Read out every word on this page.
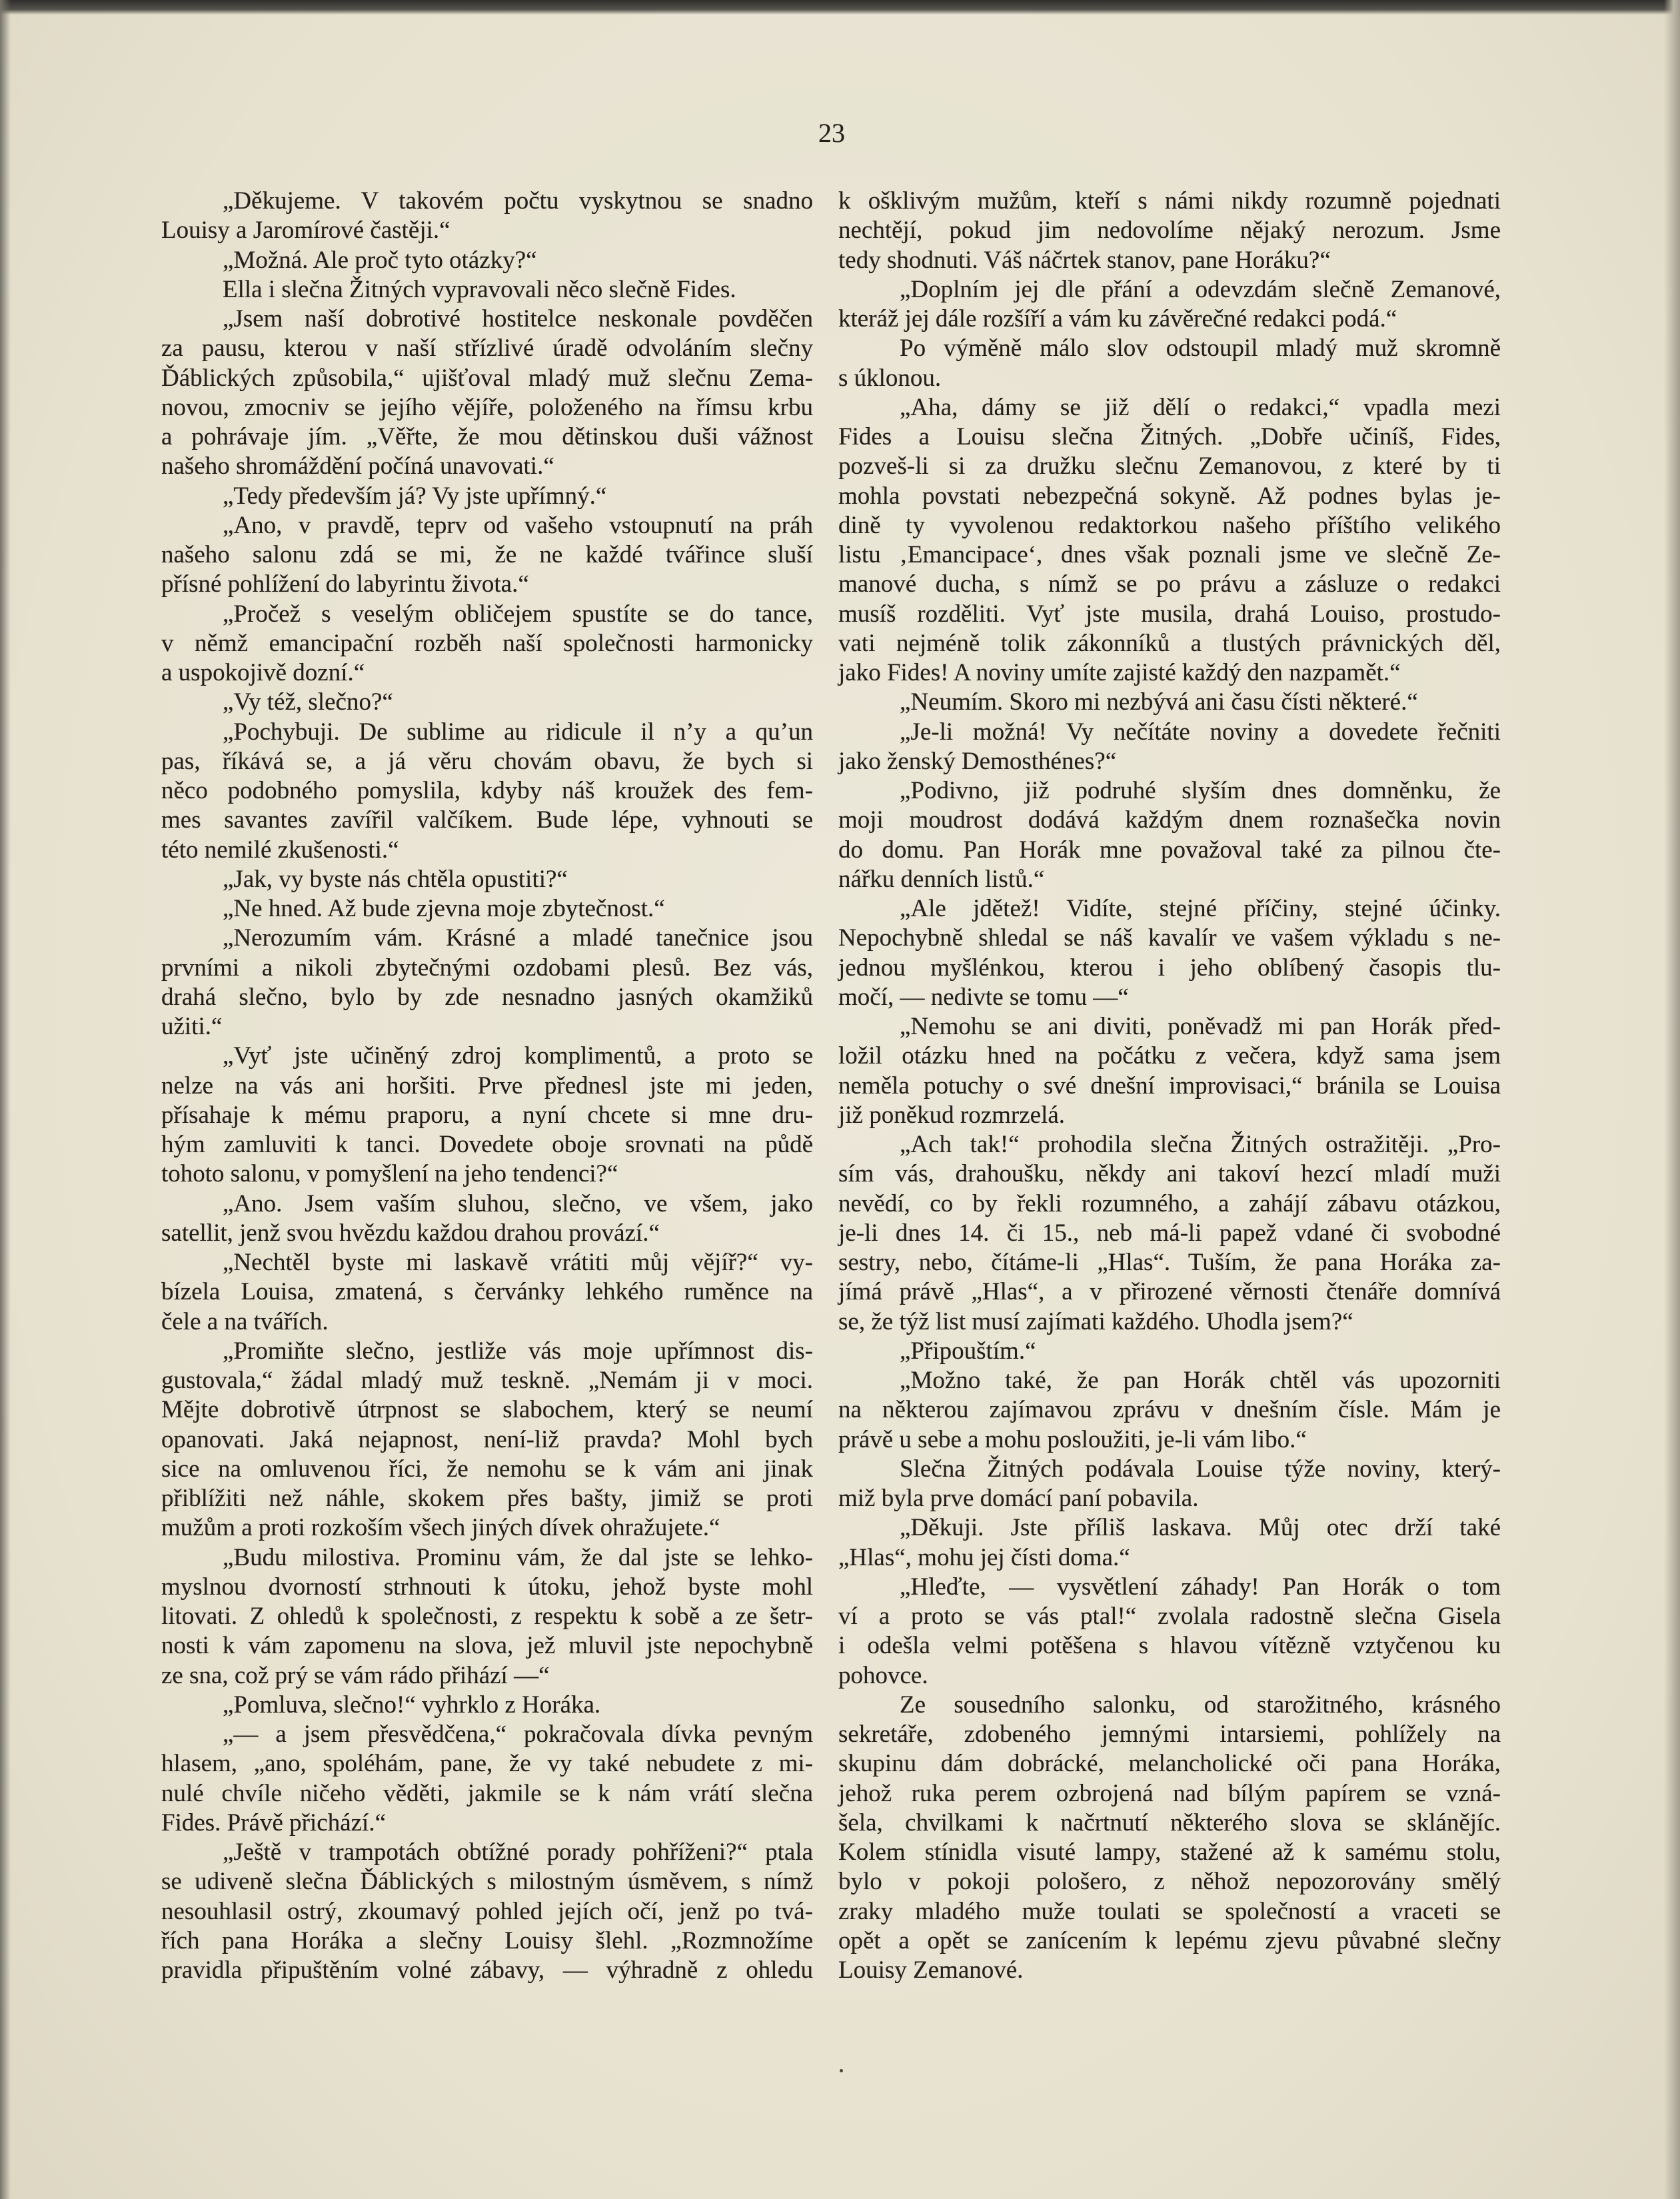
23
„Děkujeme. V takovém počtu vyskytnou se snadno
Louisy a Jaromírové častěji.“
„Možná. Ale proč tyto otázky?“
Ella i slečna Žitných vypravovali něco slečně Fides.
„Jsem naší dobrotivé hostitelce neskonale povděčen
za pausu, kterou v naší střízlivé úradě odvoláním slečny
Ďáblických způsobila,“ ujišťoval mladý muž slečnu Zema-
novou, zmocniv se jejího vějíře, položeného na římsu krbu
a pohrávaje jím. „Věřte, že mou dětinskou duši vážnost
našeho shromáždění počíná unavovati.“
„Tedy především já? Vy jste upřímný.“
„Ano, v pravdě, teprv od vašeho vstoupnutí na práh
našeho salonu zdá se mi, že ne každé tvářince sluší
přísné pohlížení do labyrintu života.“
„Pročež s veselým obličejem spustíte se do tance,
v němž emancipační rozběh naší společnosti harmonicky
a uspokojivě dozní.“
„Vy též, slečno?“
„Pochybuji. De sublime au ridicule il n’y a qu’un
pas, říkává se, a já věru chovám obavu, že bych si
něco podobného pomyslila, kdyby náš kroužek des fem-
mes savantes zavířil valčíkem. Bude lépe, vyhnouti se
této nemilé zkušenosti.“
„Jak, vy byste nás chtěla opustiti?“
„Ne hned. Až bude zjevna moje zbytečnost.“
„Nerozumím vám. Krásné a mladé tanečnice jsou
prvními a nikoli zbytečnými ozdobami plesů. Bez vás,
drahá slečno, bylo by zde nesnadno jasných okamžiků
užiti.“
„Vyť jste učiněný zdroj komplimentů, a proto se
nelze na vás ani horšiti. Prve přednesl jste mi jeden,
přísahaje k mému praporu, a nyní chcete si mne dru-
hým zamluviti k tanci. Dovedete oboje srovnati na půdě
tohoto salonu, v pomyšlení na jeho tendenci?“
„Ano. Jsem vaším sluhou, slečno, ve všem, jako
satellit, jenž svou hvězdu každou drahou provází.“
„Nechtěl byste mi laskavě vrátiti můj vějíř?“ vy-
bízela Louisa, zmatená, s červánky lehkého ruměnce na
čele a na tvářích.
„Promiňte slečno, jestliže vás moje upřímnost dis-
gustovala,“ žádal mladý muž teskně. „Nemám ji v moci.
Mějte dobrotivě útrpnost se slabochem, který se neumí
opanovati. Jaká nejapnost, není-liž pravda? Mohl bych
sice na omluvenou říci, že nemohu se k vám ani jinak
přiblížiti než náhle, skokem přes bašty, jimiž se proti
mužům a proti rozkoším všech jiných dívek ohražujete.“
„Budu milostiva. Prominu vám, že dal jste se lehko-
myslnou dvorností strhnouti k útoku, jehož byste mohl
litovati. Z ohledů k společnosti, z respektu k sobě a ze šetr-
nosti k vám zapomenu na slova, jež mluvil jste nepochybně
ze sna, což prý se vám rádo přihází —“
„Pomluva, slečno!“ vyhrklo z Horáka.
„— a jsem přesvědčena,“ pokračovala dívka pevným
hlasem, „ano, spoléhám, pane, že vy také nebudete z mi-
nulé chvíle ničeho věděti, jakmile se k nám vrátí slečna
Fides. Právě přichází.“
„Ještě v trampotách obtížné porady pohříženi?“ ptala
se udiveně slečna Ďáblických s milostným úsměvem, s nímž
nesouhlasil ostrý, zkoumavý pohled jejích očí, jenž po tvá-
řích pana Horáka a slečny Louisy šlehl. „Rozmnožíme
pravidla připuštěním volné zábavy, — výhradně z ohledu
k ošklivým mužům, kteří s námi nikdy rozumně pojednati
nechtějí, pokud jim nedovolíme nějaký nerozum. Jsme
tedy shodnuti. Váš náčrtek stanov, pane Horáku?“
„Doplním jej dle přání a odevzdám slečně Zemanové,
kteráž jej dále rozšíří a vám ku závěrečné redakci podá.“
Po výměně málo slov odstoupil mladý muž skromně
s úklonou.
„Aha, dámy se již dělí o redakci,“ vpadla mezi
Fides a Louisu slečna Žitných. „Dobře učiníš, Fides,
pozveš-li si za družku slečnu Zemanovou, z které by ti
mohla povstati nebezpečná sokyně. Až podnes bylas je-
dině ty vyvolenou redaktorkou našeho příštího velikého
listu ‚Emancipace‘, dnes však poznali jsme ve slečně Ze-
manové ducha, s nímž se po právu a zásluze o redakci
musíš rozděliti. Vyť jste musila, drahá Louiso, prostudo-
vati nejméně tolik zákonníků a tlustých právnických děl,
jako Fides! A noviny umíte zajisté každý den nazpamět.“
„Neumím. Skoro mi nezbývá ani času čísti některé.“
„Je-li možná! Vy nečítáte noviny a dovedete řečniti
jako ženský Demosthénes?“
„Podivno, již podruhé slyším dnes domněnku, že
moji moudrost dodává každým dnem roznašečka novin
do domu. Pan Horák mne považoval také za pilnou čte-
nářku denních listů.“
„Ale jdětež! Vidíte, stejné příčiny, stejné účinky.
Nepochybně shledal se náš kavalír ve vašem výkladu s ne-
jednou myšlénkou, kterou i jeho oblíbený časopis tlu-
močí, — nedivte se tomu —“
„Nemohu se ani diviti, poněvadž mi pan Horák před-
ložil otázku hned na počátku z večera, když sama jsem
neměla potuchy o své dnešní improvisaci,“ bránila se Louisa
již poněkud rozmrzelá.
„Ach tak!“ prohodila slečna Žitných ostražitěji. „Pro-
sím vás, drahoušku, někdy ani takoví hezcí mladí muži
nevědí, co by řekli rozumného, a zahájí zábavu otázkou,
je-li dnes 14. či 15., neb má-li papež vdané či svobodné
sestry, nebo, čítáme-li „Hlas“. Tuším, že pana Horáka za-
jímá právě „Hlas“, a v přirozené věrnosti čtenáře domnívá
se, že týž list musí zajímati každého. Uhodla jsem?“
„Připouštím.“
„Možno také, že pan Horák chtěl vás upozorniti
na některou zajímavou zprávu v dnešním čísle. Mám je
právě u sebe a mohu posloužiti, je-li vám libo.“
Slečna Žitných podávala Louise týže noviny, který-
miž byla prve domácí paní pobavila.
„Děkuji. Jste příliš laskava. Můj otec drží také
„Hlas“, mohu jej čísti doma.“
„Hleďte, — vysvětlení záhady! Pan Horák o tom
ví a proto se vás ptal!“ zvolala radostně slečna Gisela
i odešla velmi potěšena s hlavou vítězně vztyčenou ku
pohovce.
Ze sousedního salonku, od starožitného, krásného
sekretáře, zdobeného jemnými intarsiemi, pohlížely na
skupinu dám dobrácké, melancholické oči pana Horáka,
jehož ruka perem ozbrojená nad bílým papírem se vzná-
šela, chvilkami k načrtnutí některého slova se sklánějíc.
Kolem stínidla visuté lampy, stažené až k samému stolu,
bylo v pokoji pološero, z něhož nepozorovány smělý
zraky mladého muže toulati se společností a vraceti se
opět a opět se zanícením k lepému zjevu půvabné slečny
Louisy Zemanové.
